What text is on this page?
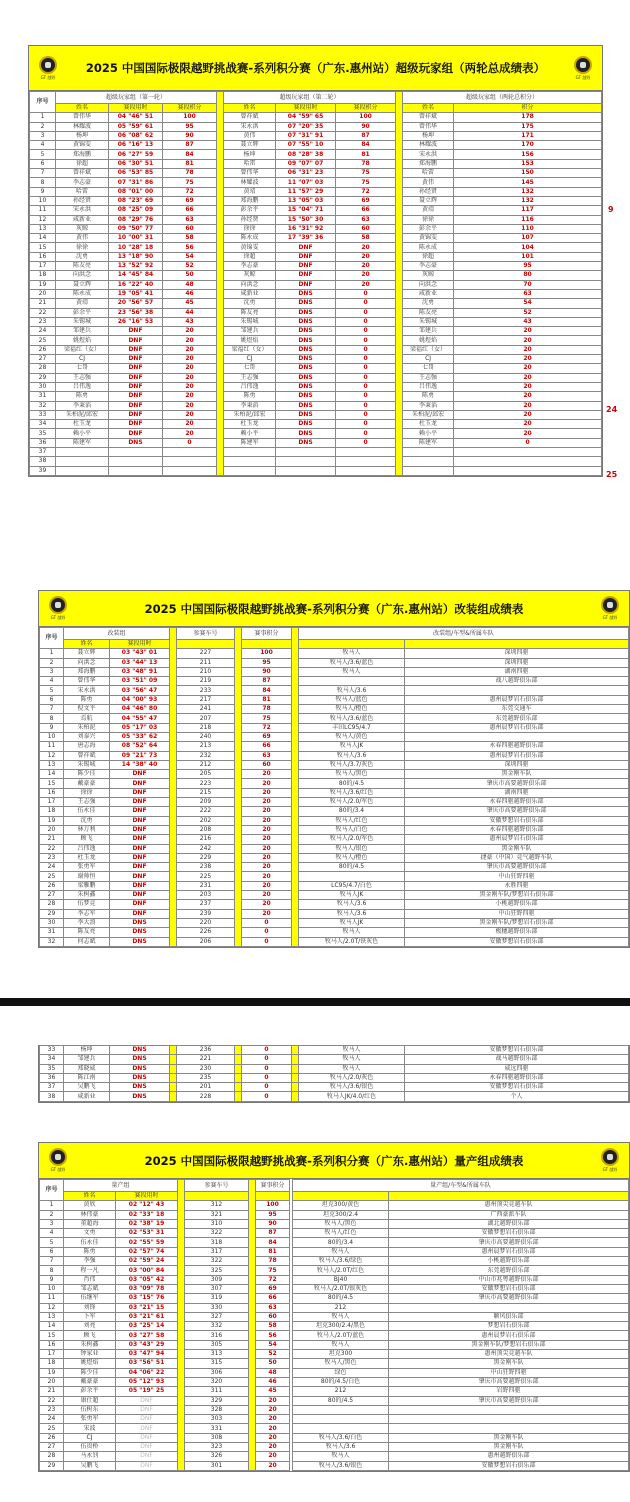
GT 越野
2025 中国国际极限越野挑战赛-系列积分赛（广东.惠州站）超级玩家组（两轮总成绩表）
GT 越野
序号	超级玩家组（第一轮）				超级玩家组（第二轮）				超级玩家组（两轮总积分）	
	姓名	赛段用时	赛段积分		姓名	赛段用时	赛段积分		姓名	积分
1	曾伟华	04 "46" 51	100		曾祥斌	04 "59" 65	100		曾祥斌	178
2	林耀波	05 "59" 61	95		宋永洪	07 "20" 35	90		曾伟华	175
3	杨坤	06 "08" 62	90		黄伟	07 "31" 91	87		杨坤	171
4	黄锦雯	06 "16" 13	87		聂立辉	07 "55" 10	84		林耀波	170
5	郑海鹏	06 "27" 59	84		杨坤	08 "28" 38	81		宋永洪	156
6	徐超	06 "30" 51	81		哈雷	09 "07" 07	78		郑海鹏	153
7	曾祥斌	06 "53" 85	78		曾伟华	06 "31" 23	75		哈雷	150
8	李志豪	07 "31" 86	75		林耀波	11 "07" 03	75		黄伟	145
9	哈雷	08 "01" 00	72		黄靖	11 "57" 29	72		孙经贤	132
10	孙经贤	08 "23" 69	69		郑海鹏	13 "05" 03	69		聂立辉	132
11	宋永洪	08 "25" 09	66		彭余平	15 "04" 71	66		黄靖	117
12	咸新业	08 "29" 76	63		孙经贤	15 "50" 30	63		徐徐	116
13	灰鲸	09 "50" 77	60		徐徐	16 "31" 92	60		彭余平	110
14	黄伟	10 "00" 31	58		陈永成	17 "39" 36	58		黄锦雯	107
15	徐徐	10 "28" 18	56		黄锦雯	DNF	20		陈永成	104
16	沈勇	13 "18" 90	54		徐超	DNF	20		徐超	101
17	陈友亮	13 "52" 92	52		李志豪	DNF	20		李志豪	95
18	向洪念	14 "45" 84	50		灰鲸	DNF	20		灰鲸	80
19	聂立辉	16 "22" 40	48		向洪念	DNF	20		向洪念	70
20	陈永成	19 "05" 41	46		咸新业	DNS	0		咸新业	63
21	黄靖	20 "56" 57	45		沈勇	DNS	0		沈勇	54
22	彭余平	23 "56" 38	44		陈友亮	DNS	0		陈友亮	52
23	朱锡城	26 "16" 53	43		朱锡城	DNS	0		朱锡城	43
24	邹建兵	DNF	20		邹建兵	DNS	0		邹建兵	20
25	姚煜焰	DNF	20		姚煜焰	DNS	0		姚煜焰	20
26	梁福红（女）	DNF	20		梁福红（女）	DNS	0		梁福红（女）	20
27	CJ	DNF	20		CJ	DNS	0		CJ	20
28	七哥	DNF	20		七哥	DNS	0		七哥	20
29	王志强	DNF	20		王志强	DNS	0		王志强	20
30	吕伟逸	DNF	20		吕伟逸	DNS	0		吕伟逸	20
31	陈勇	DNF	20		陈勇	DNS	0		陈勇	20
32	李秉滔	DNF	20		李秉滔	DNS	0		李秉滔	20
33	朱柏泥/邱宏	DNF	20		朱柏泥/邱宏	DNS	0		朱柏泥/邱宏	20
34	杜玉龙	DNF	20		杜玉龙	DNS	0		杜玉龙	20
35	赖小平	DNF	20		赖小平	DNS	0		赖小平	20
36	陈建军	DNS	0		陈建军	DNS	0		陈建军	0
37										
38										
39										
9
24
25
GT 越野
2025 中国国际极限越野挑战赛-系列积分赛（广东.惠州站）改装组成绩表
GT 越野
序号	改装组			参赛车号		赛事积分		改装组/车型&所属车队	
	姓名	赛段用时							
1	聂立辉	03 "43" 01		227		100		牧马人	深圳四驱
2	向洪念	03 "44" 13		211		95		牧马人/3.6/蓝色	深圳四驱
3	郑海鹏	03 "48" 91		210		90		牧马人	湖南四驱
4	曾伟华	03 "51" 09		219		87			战八越野俱乐部
5	宋永洪	03 "56" 47		233		84		牧马人/3.6	
6	陈勇	04 "00" 93		217		81		牧马人/蓝色	惠州晨梦岩石俱乐部
7	倪文平	04 "46" 80		241		78		牧马人/橙色	东莞交通车
8	焉航	04 "55" 47		207		75		牧马人/3.6/蓝色	东莞越野俱乐部
9	朱柏泥	05 "17" 03		218		72		丰田LC95/4.7	惠州晨梦岩石俱乐部
10	刘泰兴	05 "33" 62		240		69		牧马人/黄色	
11	唐志海	08 "52" 64		213		66		牧马人JK	永春四驱越野俱乐部
12	曾祥斌	09 "21" 73		232		63		牧马人/3.6	惠州晨梦岩石俱乐部
13	朱锡城	14 "38" 40		212		60		牧马人/3.7/灰色	深圳四驱
14	陈少佳	DNF		205		20		牧马人/黑色	黑金刚车队
15	戴豪豪	DNF		223		20		80的/4.5	肇庆市高要越野俱乐部
16	徐徐	DNF		215		20		牧马人/3.6/红色	湖南四驱
17	王志强	DNF		209		20		牧马人/2.0/军色	永春四驱越野俱乐部
18	伍永佳	DNF		222		20		80的/3.4	肇庆市高要越野俱乐部
19	沈勇	DNF		202		20		牧马人/红色	安徽梦想岩石俱乐部
20	林万利	DNF		208		20		牧马人/白色	永春四驱越野俱乐部
21	顾飞	DNF		216		20		牧马人/2.0/军色	惠州晨梦岩石俱乐部
22	吕伟逸	DNF		242		20		牧马人/银色	黑金刚车队
23	杜玉龙	DNF		229		20		牧马人/橙色	捷豪（中国）竞气越野车队
24	张勇军	DNF		238		20		80的/4.5	肇庆市高要越野俱乐部
25	谢帅恒	DNF		225		20			中山狂野四驱
26	梁雁鹏	DNF		231		20		LC95/4.7/白色	永胜四驱
27	朱树鑫	DNF		203		20		牧马人JK	黑金刚车队/梦想岩石俱乐部
28	伍梦竞	DNF		237		20		牧马人/3.6	小桃越野俱乐部
29	李志军	DNF		239		20		牧马人/3.6	中山狂野四驱
30	李大浪	DNS		220		0		牧马人JK	黑金刚车队/梦想岩石俱乐部
31	陈友亮	DNS		226		0		牧马人	极穗越野俱乐部
32	何志斌	DNS		206		0		牧马人/2.0T/铁灰色	安徽梦想岩石俱乐部
33	杨坤	DNS		236		0		牧马人	安徽梦想岩石俱乐部
34	邹建兵	DNS		221		0		牧马人	战马越野俱乐部
35	郑晓威	DNS		230		0		牧马人	威远四驱
36	陈江南	DNS		235		0		牧马人/2.0/灰色	永春四驱越野俱乐部
37	吴鹏飞	DNS		201		0		牧马人/3.6/银色	安徽梦想岩石俱乐部
38	咸新业	DNS		228		0		牧马人JK/4.0/红色	个人
GT 越野
2025 中国国际极限越野挑战赛-系列积分赛（广东.惠州站）量产组成绩表
GT 越野
序号	量产组			参赛车号		赛事积分		量产组/车型&所属车队	
	姓名	赛段用时							
1	黄欣	02 "12" 43		312		100		坦克300/黄色	惠州顶尖竞越车队
2	林伟豪	02 "33" 18		321		95		坦克300/2.4	广西豪派车队
3	董超海	02 "38" 19		310		90		牧马人/黑色	湖北越野俱乐部
4	文勇	02 "53" 31		322		87		牧马人/红色	安徽梦想岩石俱乐部
5	伍永佳	02 "55" 59		318		84		80的/3.4	肇庆市高要越野俱乐部
6	陈勇	02 "57" 74		317		81		牧马人	惠州晨梦岩石俱乐部
7	李强	02 "59" 24		322		78		牧马人/3.6/绿色	小桃越野俱乐部
8	程一凡	03 "00" 84		325		75		牧马人/2.0T/红色	东莞越野俱乐部
9	肖伟	03 "05" 42		309		72		BJ40	中山市兆粤越野俱乐部
10	邹志斌	03 "09" 78		307		69		牧马人/2.0T/银灰色	安徽梦想岩石俱乐部
11	伍继军	03 "15" 76		319		66		80的/4.5	肇庆市高要越野俱乐部
12	刘锋	03 "21" 15		330		63		212	
13	卜军	03 "21" 61		327		60		牧马人	颖风俱乐部
14	刘亮	03 "25" 14		332		58		坦克300/2.4/黑色	梦想岩石俱乐部
15	顾飞	03 "27" 58		316		56		牧马人/2.0T/蓝色	惠州晨梦岩石俱乐部
16	朱树鑫	03 "43" 29		305		54		牧马人	黑金刚车队/梦想岩石俱乐部
17	钟家业	03 "47" 94		313		52		坦克300	惠州顶尖竞越车队
18	姚煜焰	03 "56" 51		315		50		牧马人/黑色	黑金刚车队
19	陈少佳	04 "06" 22		306		48		绿色	中山狂野四驱
20	戴豪豪	05 "12" 93		320		46		80的/4.5/白色	肇庆市高要越野俱乐部
21	彭余平	05 "19" 25		311		45		212	岩野四驱
22	康仕超	DNF		329		20		80的/4.5	肇庆市高要越野俱乐部
23	伍树东	DNF		328		20			
24	张勇军	DNF		303		20			
25	宋波	DNF		331		20			
26	CJ	DNF		308		20		牧马人/3.6/白色	黑金刚车队
27	伍贵桥	DNF		323		20		牧马人/3.6	黑金刚车队
28	马永钊	DNF		326		20		牧马人	惠州越野俱乐部
29	吴鹏飞	DNF		301		20		牧马人/3.6/银色	安徽梦想岩石俱乐部
